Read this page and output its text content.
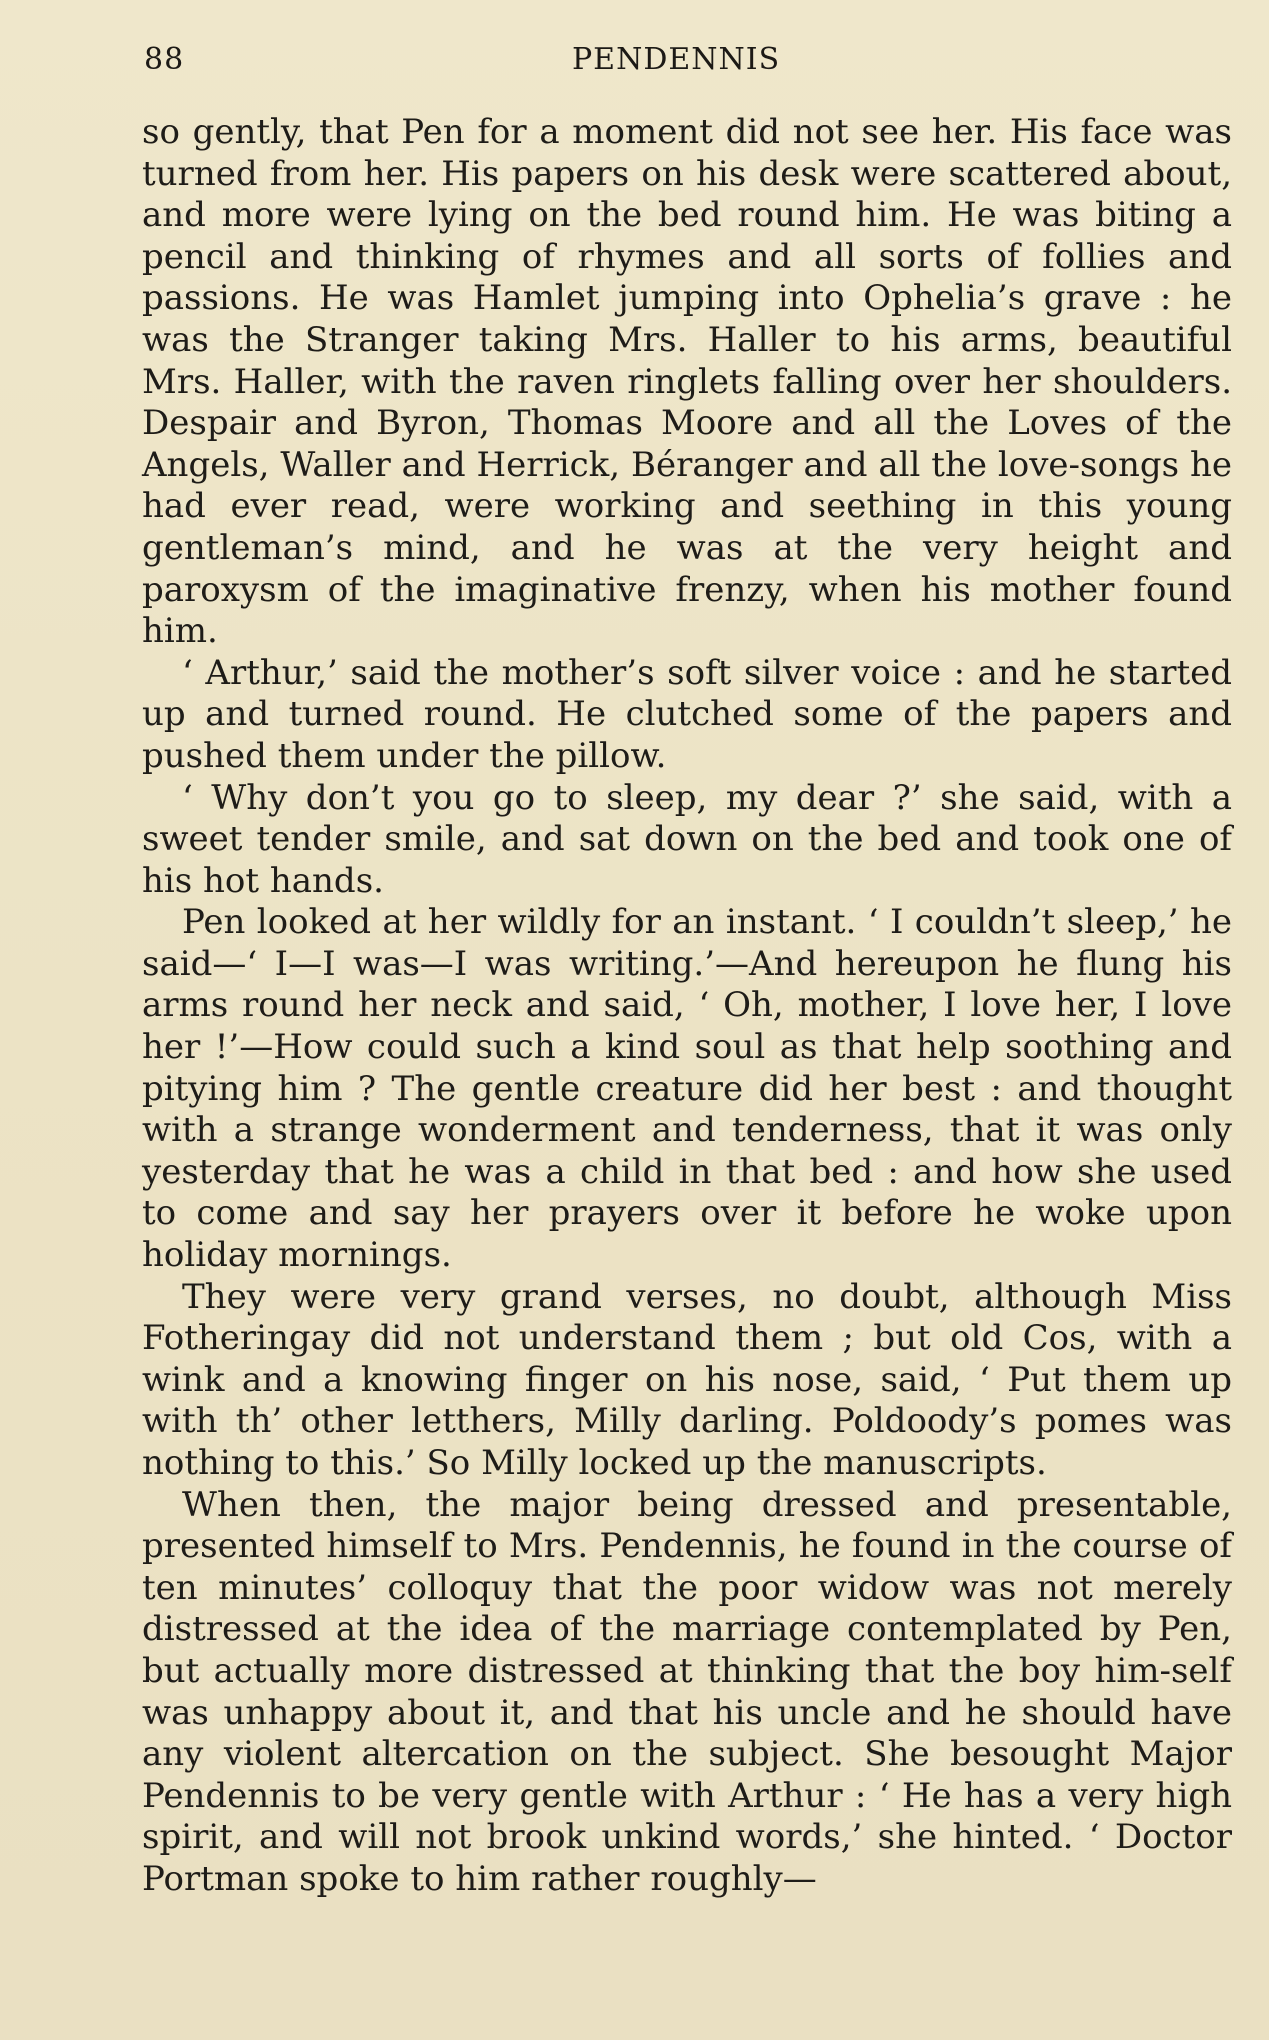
88	PENDENNIS

so gently, that Pen for a moment did not see her. His face was turned from her. His papers on his desk were scattered about, and more were lying on the bed round him. He was biting a pencil and thinking of rhymes and all sorts of follies and passions. He was Hamlet jumping into Ophelia’s grave : he was the Stranger taking Mrs. Haller to his arms, beautiful Mrs. Haller, with the raven ringlets falling over her shoulders. Despair and Byron, Thomas Moore and all the Loves of the Angels, Waller and Herrick, Béranger and all the love-songs he had ever read, were working and seething in this young gentleman’s mind, and he was at the very height and paroxysm of the imaginative frenzy, when his mother found him.

‘ Arthur,’ said the mother’s soft silver voice : and he started up and turned round. He clutched some of the papers and pushed them under the pillow.

‘ Why don’t you go to sleep, my dear ?’ she said, with a sweet tender smile, and sat down on the bed and took one of his hot hands.

Pen looked at her wildly for an instant. ‘ I couldn’t sleep,’ he said—‘ I—I was—I was writing.’—And hereupon he flung his arms round her neck and said, ‘ Oh, mother, I love her, I love her !’—How could such a kind soul as that help soothing and pitying him ? The gentle creature did her best : and thought with a strange wonderment and tenderness, that it was only yesterday that he was a child in that bed : and how she used to come and say her prayers over it before he woke upon holiday mornings.

They were very grand verses, no doubt, although Miss Fotheringay did not understand them ; but old Cos, with a wink and a knowing finger on his nose, said, ‘ Put them up with th’ other letthers, Milly darling. Poldoody’s pomes was nothing to this.’ So Milly locked up the manuscripts.

When then, the major being dressed and presentable, presented himself to Mrs. Pendennis, he found in the course of ten minutes’ colloquy that the poor widow was not merely distressed at the idea of the marriage contemplated by Pen, but actually more distressed at thinking that the boy him-self was unhappy about it, and that his uncle and he should have any violent altercation on the subject. She besought Major Pendennis to be very gentle with Arthur : ‘ He has a very high spirit, and will not brook unkind words,’ she hinted. ‘ Doctor Portman spoke to him rather roughly—
